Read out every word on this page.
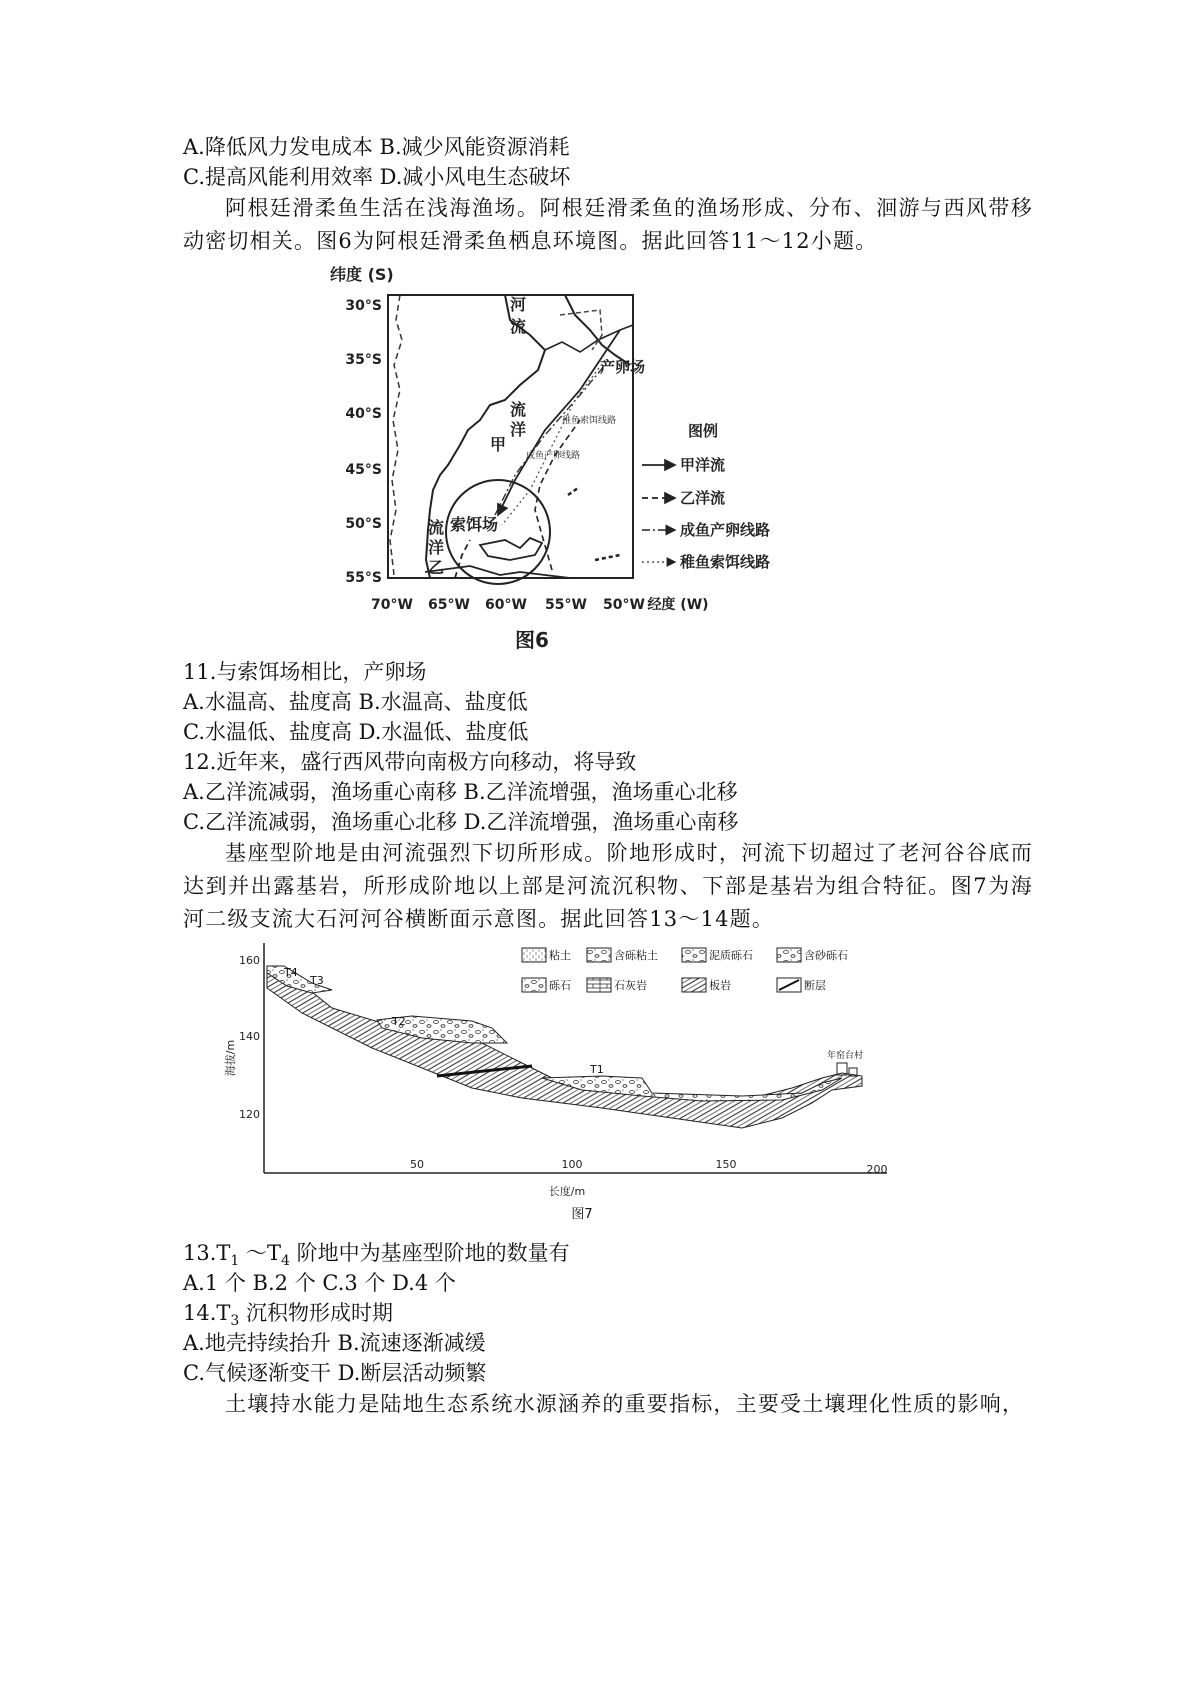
A.降低风力发电成本 B.减少风能资源消耗
C.提高风能利用效率 D.减小风电生态破坏
阿根廷滑柔鱼生活在浅海渔场。阿根廷滑柔鱼的渔场形成、分布、洄游与西风带移动密切相关。图6为阿根廷滑柔鱼栖息环境图。据此回答11～12小题。
纬度 (S)
30°S
35°S
40°S
45°S
50°S
55°S
70°W 65°W 60°W 55°W 50°W 经度 (W)
河
流
产卵场
流
洋
甲
索饵场
流
洋
乙
稚鱼索饵线路
成鱼产卵线路
图例
甲洋流
乙洋流
成鱼产卵线路
稚鱼索饵线路
图6
11.与索饵场相比，产卵场
A.水温高、盐度高 B.水温高、盐度低
C.水温低、盐度高 D.水温低、盐度低
12.近年来，盛行西风带向南极方向移动，将导致
A.乙洋流减弱，渔场重心南移 B.乙洋流增强，渔场重心北移
C.乙洋流减弱，渔场重心北移 D.乙洋流增强，渔场重心南移
基座型阶地是由河流强烈下切所形成。阶地形成时，河流下切超过了老河谷谷底而达到并出露基岩，所形成阶地以上部是河流沉积物、下部是基岩为组合特征。图7为海河二级支流大石河河谷横断面示意图。据此回答13～14题。
160
140
120
海拔/m
50	100	150	200
长度/m
T4
T3
T2
T1
年窑台村
粘土	含砾粘土	泥质砾石	含砂砾石
砾石	石灰岩	板岩	断层
图7
$13.T_1$ $\sim T_4$ 阶地中为基座型阶地的数量有
A.1 个 B.2 个 C.3 个 D.4 个
$14.T_3$ 沉积物形成时期
A.地壳持续抬升 B.流速逐渐减缓
C.气候逐渐变干 D.断层活动频繁
土壤持水能力是陆地生态系统水源涵养的重要指标，主要受土壤理化性质的影响，
